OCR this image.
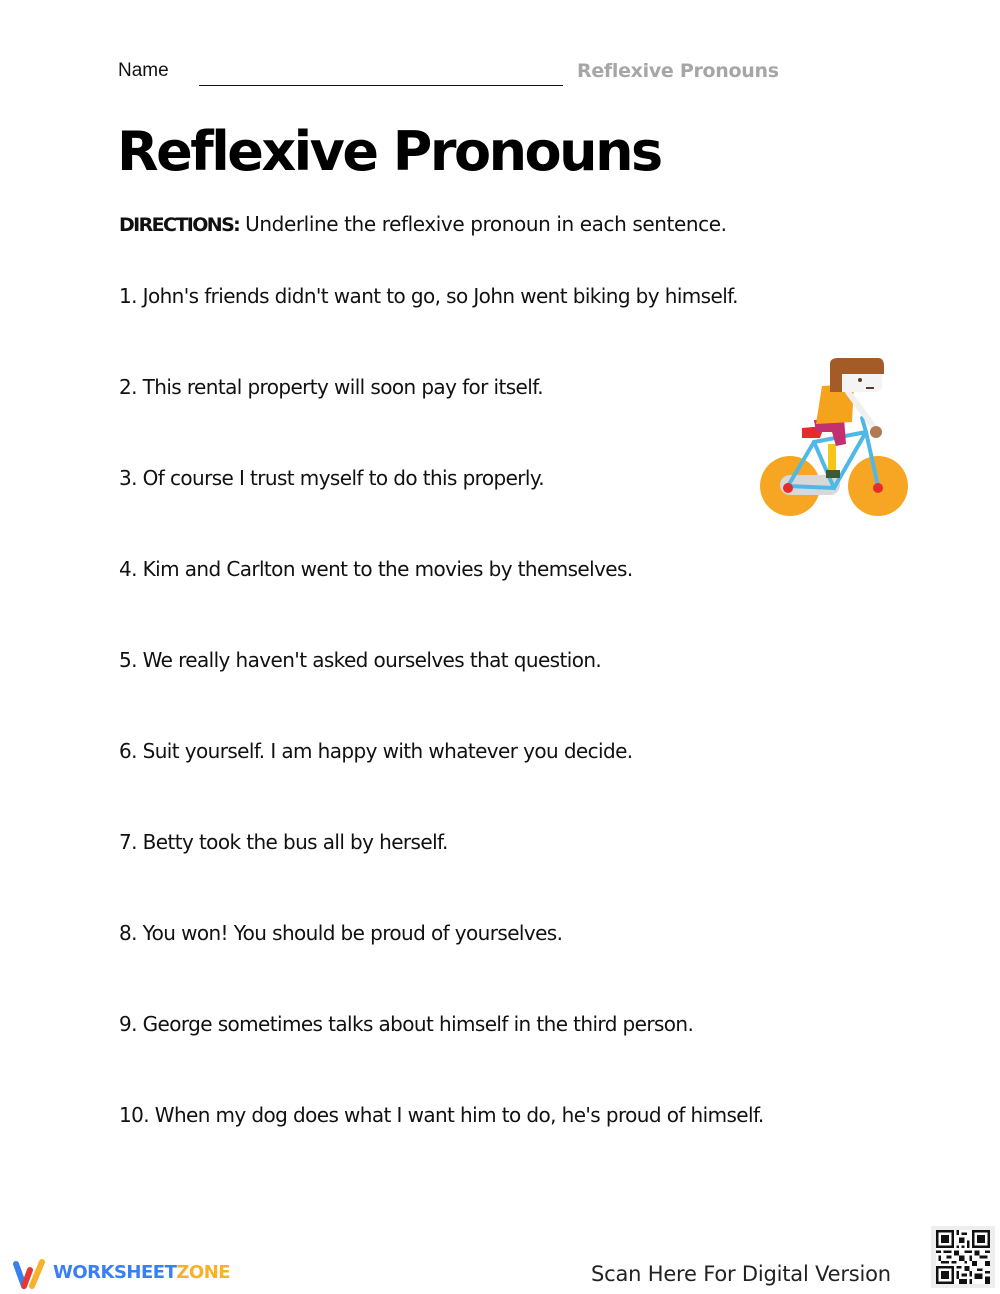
Name	Reflexive Pronouns
Reflexive Pronouns
DIRECTIONS: Underline the reflexive pronoun in each sentence.
1. John's friends didn't want to go, so John went biking by himself.
2. This rental property will soon pay for itself.
3. Of course I trust myself to do this properly.
4. Kim and Carlton went to the movies by themselves.
5. We really haven't asked ourselves that question.
6. Suit yourself. I am happy with whatever you decide.
7. Betty took the bus all by herself.
8. You won! You should be proud of yourselves.
9. George sometimes talks about himself in the third person.
10. When my dog does what I want him to do, he's proud of himself.
WORKSHEETZONE	Scan Here For Digital Version
